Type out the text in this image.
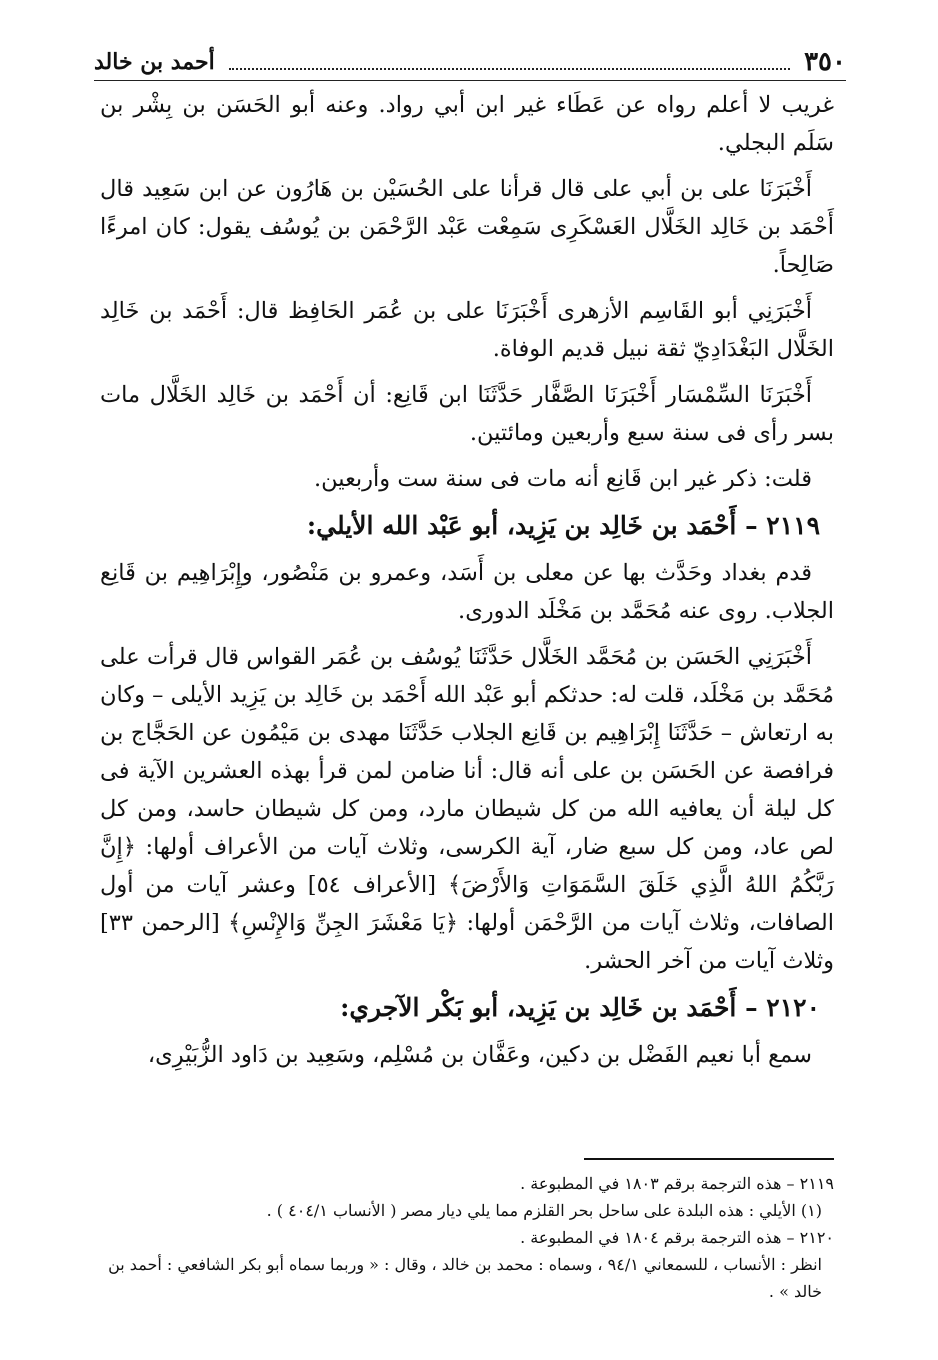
٣٥٠
أحمد بن خالد

غريب لا أعلم رواه عن عَطَاء غير ابن أبي رواد. وعنه أبو الحَسَن بن بِشْر بن سَلَم البجلي.

أَخْبَرَنَا على بن أبي على قال قرأنا على الحُسَيْن بن هَارُون عن ابن سَعِيد قال أَحْمَد بن خَالِد الخَلَّال العَسْكَرِى سَمِعْت عَبْد الرَّحْمَن بن يُوسُف يقول: كان امرءًا صَالِحاً.

أَخْبَرَنِي أبو القَاسِم الأزهرى أَخْبَرَنَا على بن عُمَر الحَافِظ قال: أَحْمَد بن خَالِد الخَلَّال البَغْدَادِيّ ثقة نبيل قديم الوفاة.

أَخْبَرَنَا السِّمْسَار أَخْبَرَنَا الصَّفَّار حَدَّثَنَا ابن قَانِع: أن أَحْمَد بن خَالِد الخَلَّال مات بسر رأى فى سنة سبع وأربعين ومائتين.

قلت: ذكر غير ابن قَانِع أنه مات فى سنة ست وأربعين.

٢١١٩ – أَحْمَد بن خَالِد بن يَزِيد، أبو عَبْد الله الأيلي:

قدم بغداد وحَدَّث بها عن معلى بن أَسَد، وعمرو بن مَنْصُور، وإِبْرَاهِيم بن قَانِع الجلاب. روى عنه مُحَمَّد بن مَخْلَد الدورى.

أَخْبَرَنِي الحَسَن بن مُحَمَّد الخَلَّال حَدَّثَنَا يُوسُف بن عُمَر القواس قال قرأت على مُحَمَّد بن مَخْلَد، قلت له: حدثكم أبو عَبْد الله أَحْمَد بن خَالِد بن يَزِيد الأيلى – وكان به ارتعاش – حَدَّثَنَا إِبْرَاهِيم بن قَانِع الجلاب حَدَّثَنَا مهدى بن مَيْمُون عن الحَجَّاج بن فرافصة عن الحَسَن بن على أنه قال: أنا ضامن لمن قرأ بهذه العشرين الآية فى كل ليلة أن يعافيه الله من كل شيطان مارد، ومن كل شيطان حاسد، ومن كل لص عاد، ومن كل سبع ضار، آية الكرسى، وثلاث آيات من الأعراف أولها: ﴿إِنَّ رَبَّكُمُ اللهُ الَّذِي خَلَقَ السَّمَوَاتِ وَالأَرْضَ﴾ [الأعراف ٥٤] وعشر آيات من أول الصافات، وثلاث آيات من الرَّحْمَن أولها: ﴿يَا مَعْشَرَ الجِنِّ وَالإِنْسِ﴾ [الرحمن ٣٣] وثلاث آيات من آخر الحشر.

٢١٢٠ – أَحْمَد بن خَالِد بن يَزِيد، أبو بَكْر الآجري:

سمع أبا نعيم الفَضْل بن دكين، وعَفَّان بن مُسْلِم، وسَعِيد بن دَاود الزُّبَيْرِى،

٢١١٩ – هذه الترجمة برقم ١٨٠٣ في المطبوعة .

(١) الأيلي : هذه البلدة على ساحل بحر القلزم مما يلي ديار مصر ( الأنساب ٤٠٤/١ ) .

٢١٢٠ – هذه الترجمة برقم ١٨٠٤ في المطبوعة .

انظر : الأنساب ، للسمعاني ٩٤/١ ، وسماه : محمد بن خالد ، وقال : « وربما سماه أبو بكر الشافعي : أحمد بن خالد » .
